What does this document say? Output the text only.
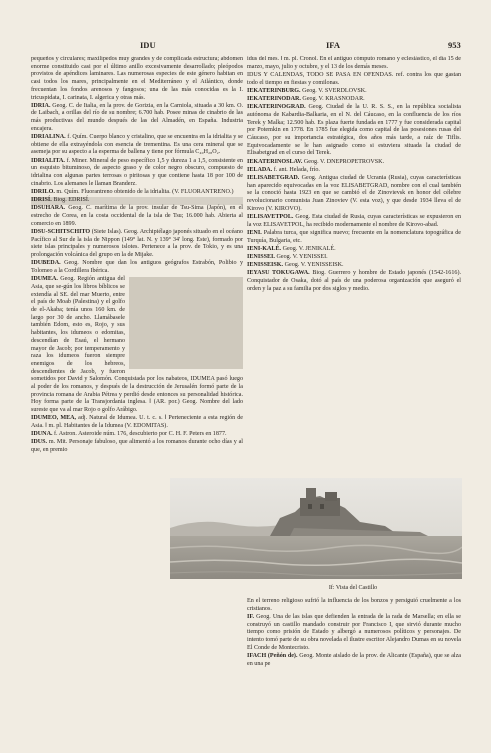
IDU	IFA	953
pequeños y circulares; maxilípedos muy grandes y de complicada estructura; abdomen enorme constituido casi por el último anillo excesivamente desarrollado; pleópodos provistos de apéndices laminares. Las numerosas especies de este género habitan en casi todos los mares, principalmente en el Mediterráneo y el Atlántico, donde frecuentan los fondos arenosos y fangosos; una de las más conocidas es la I. tricuspidata, I. carinata, I. algerica y otras más.
IDRIA. Geog. C. de Italia, en la prov. de Gorizia, en la Carniola, situada a 30 km. O. de Laibach, a orillas del río de su nombre; 6.700 hab. Posee minas de cinabrio de las más productivas del mundo después de las del Almadén, en España. Industria encajera.
IDRIALINA. f. Quím. Cuerpo blanco y cristalino, que se encuentra en la idrialita y se obtiene de ella extrayéndola con esencia de trementina. Es una cera mineral que se asemeja por su aspecto a la esperma de ballena y tiene por fórmula C₄₀H₂₈O₂.
IDRIALITA. f. Miner. Mineral de peso específico 1,5 y dureza 1 a 1,5, consistente en un esquisto bituminoso, de aspecto graso y de color negro obscuro, compuesto de idrialina con algunas partes terrosas o piritosas y que contiene hasta 18 por 100 de cinabrio. Los alemanes le llaman Branderz.
IDRILO. m. Quím. Fluorantreno obtenido de la idrialita. (V. FLUORANTRENO.)
IDRISÍ. Biog. EDRISÍ.
IDSUHARA. Geog. C. marítima de la prov. insular de Tsu-Sima (Japón), en el estrecho de Corea, en la costa occidental de la isla de Tsu; 16.000 hab. Abierta al comercio en 1899.
IDSU-SCHITSCHITO (Siete Islas). Geog. Archipiélago japonés situado en el océano Pacífico al Sur de la isla de Nippon (149° lat. N. y 139° 34' long. Este), formado por siete islas principales y numerosos islotes. Pertenece a la prov. de Tokio, y es una prolongación volcánica del grupo en la de Mijake.
IDUBEDA. Geog. Nombre que dan los antiguos geógrafos Estrabón, Polibio y Tolomeo a la Cordillera Ibérica.
IDUMEA. Geog. Región antigua del Asia, que se-gún los libros bíblicos se extendía al SE. del mar Muerto, entre el país de Moab (Palestina) y el golfo de el-Akaba; tenía unos 160 km. de largo por 30 de ancho. Llamábasele también Edom, esto es, Rojo, y sus habitantes, los idumeos o edomitas, descendían de Esaú, el hermano mayor de Jacob; por temperamento y raza los idumeos fueron siempre enemigos de los hebreos, descendientes de Jacob, y fueron sometidos por David y Salomón. Conquistada por los nabateos, IDUMEA pasó luego al poder de los romanos, y después de la destrucción de Jerusalén formó parte de la provincia romana de Arabia Pétrea y perdió desde entonces su personalidad histórica. Hoy forma parte de la Transjordania inglesa. ‖ (AR. por.) Geog. Nombre del lado sureste que va al mar Rojo o golfo Arábigo.
IDUMEO, MEA, adj. Natural de Idumea. U. t. c. s. ‖ Perteneciente a esta región de Asia. ‖ m. pl. Habitantes de la Idumea (V. EDOMITAS).
IDUNA. f. Astron. Asteroide núm. 176, descubierto por C. H. F. Peters en 1877.
IDUS. m. Mit. Personaje fabuloso, que alimentó a los romanos durante ocho días y al que, en premio
idus del mes. ‖ m. pl. Cronol. En el antiguo cómputo romano y eclesiástico, el día 15 de marzo, mayo, julio y octubre, y el 13 de los demás meses.
IDUS Y CALENDAS, TODO SE PASA EN OFENDAS. ref. contra los que gastan todo el tiempo en fiestas y comilonas.
IEKATERINBURG. Geog. V. SVERDLOVSK.
IEKATERINODAR. Geog. V. KRASNODAR.
IEKATERINOGRAD. Geog. Ciudad de la U. R. S. S., en la república socialista autónoma de Kabardia-Balkaria, en el N. del Cáucaso, en la confluencia de los ríos Terek y Malka; 12.500 hab. Es plaza fuerte fundada en 1777 y fue considerada capital por Potemkin en 1778. En 1785 fue elegida como capital de las posesiones rusas del Cáucaso, por su importancia estratégica, dos años más tarde, a raíz de Tiflis. Equivocadamente se le han asignado como si estuviera situada la ciudad de Elisabetgrad en el curso del Terek.
IEKATERINOSLAV. Geog. V. DNEPROPETROVSK.
IELADA. f. ant. Helada, frío.
IELISABETGRAD. Geog. Antigua ciudad de Ucrania (Rusia), cuyas características han aparecido equivocadas en la voz ELISABETGRAD, nombre con el cual también se la conoció hasta 1923 en que se cambió el de Zinovievsk en honor del célebre revolucionario comunista Juan Zinoviev (V. esta voz), y que desde 1934 lleva el de Kirovo (V. KIROVO).
IELISAVETPOL. Geog. Esta ciudad de Rusia, cuyas características se expusieron en la voz ELISAVETPOL, ha recibido modernamente el nombre de Kirovo-abad.
IENI. Palabra turca, que significa nuevo; frecuente en la nomenclatura topográfica de Turquía, Bulgaria, etc.
IENI-KALÉ. Geog. V. JENIKALÉ.
IENISSEI. Geog. V. YENISSEI.
IENISSEISK. Geog. V. YENISSEISK.
IEYASU TOKUGAWA. Biog. Guerrero y hombre de Estado japonés (1542-1616). Conquistador de Osaka, dotó al país de una poderosa organización que aseguró el orden y la paz a su familia por dos siglos y medio.
If: Vista del Castillo
En el terreno religioso sufrió la influencia de los bonzos y persiguió cruelmente a los cristianos.
IF. Geog. Una de las islas que defienden la entrada de la rada de Marsella; en ella se construyó un castillo mandado construir por Francisco I, que sirvió durante mucho tiempo como prisión de Estado y albergó a numerosos políticos y personajes. De intento tomó parte de su obra novelada el ilustre escritor Alejandro Dumas en su novela El Conde de Montecristo.
IFACH (Peñón de). Geog. Monte aislado de la prov. de Alicante (España), que se alza en una pe
